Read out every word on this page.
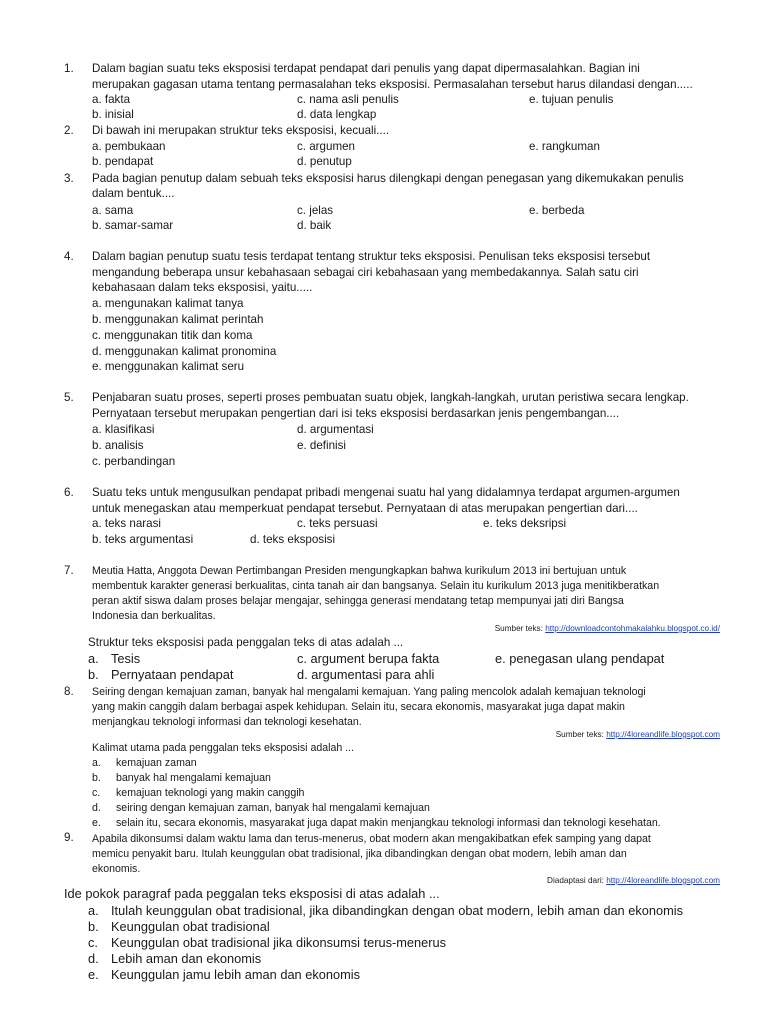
1. Dalam bagian suatu teks eksposisi terdapat pendapat dari penulis yang dapat dipermasalahkan. Bagian ini
merupakan gagasan utama tentang permasalahan teks eksposisi. Permasalahan tersebut harus dilandasi dengan.....
a. fakta
b. inisial
c. nama asli penulis
d. data lengkap
e. tujuan penulis
2. Di bawah ini merupakan struktur teks eksposisi, kecuali....
a. pembukaan
b. pendapat
c. argumen
d. penutup
e. rangkuman
3. Pada bagian penutup dalam sebuah teks eksposisi harus dilengkapi dengan penegasan yang dikemukakan penulis
dalam bentuk....
a. sama
b. samar-samar
c. jelas
d. baik
e. berbeda
4. Dalam bagian penutup suatu tesis terdapat tentang struktur teks eksposisi. Penulisan teks eksposisi tersebut
mengandung beberapa unsur kebahasaan sebagai ciri kebahasaan yang membedakannya. Salah satu ciri
kebahasaan dalam teks eksposisi, yaitu.....
a. mengunakan kalimat tanya
b. menggunakan kalimat perintah
c. menggunakan titik dan koma
d. menggunakan kalimat pronomina
e. menggunakan kalimat seru
5. Penjabaran suatu proses, seperti proses pembuatan suatu objek, langkah-langkah, urutan peristiwa secara lengkap.
Pernyataan tersebut merupakan pengertian dari isi teks eksposisi berdasarkan jenis pengembangan....
a. klasifikasi
b. analisis
c. perbandingan
d. argumentasi
e. definisi
6. Suatu teks untuk mengusulkan pendapat pribadi mengenai suatu hal yang didalamnya terdapat argumen-argumen
untuk menegaskan atau memperkuat pendapat tersebut. Pernyataan di atas merupakan pengertian dari....
a. teks narasi
b. teks argumentasi
c. teks persuasi
d. teks eksposisi
e. teks deksripsi
7. Meutia Hatta, Anggota Dewan Pertimbangan Presiden mengungkapkan bahwa kurikulum 2013 ini bertujuan untuk
membentuk karakter generasi berkualitas, cinta tanah air dan bangsanya. Selain itu kurikulum 2013 juga menitikberatkan
peran aktif siswa dalam proses belajar mengajar, sehingga generasi mendatang tetap mempunyai jati diri Bangsa
Indonesia dan berkualitas.
Sumber teks: http://downloadcontohmakalahku.blogspot.co.id/
Struktur teks eksposisi pada penggalan teks di atas adalah ...
a. Tesis
b. Pernyataan pendapat
c. argument berupa fakta
d. argumentasi para ahli
e. penegasan ulang pendapat
8. Seiring dengan kemajuan zaman, banyak hal mengalami kemajuan. Yang paling mencolok adalah kemajuan teknologi
yang makin canggih dalam berbagai aspek kehidupan. Selain itu, secara ekonomis, masyarakat juga dapat makin
menjangkau teknologi informasi dan teknologi kesehatan.
Sumber teks: http://4loreandlife.blogspot.com
Kalimat utama pada penggalan teks eksposisi adalah ...
a. kemajuan zaman
b. banyak hal mengalami kemajuan
c. kemajuan teknologi yang makin canggih
d. seiring dengan kemajuan zaman, banyak hal mengalami kemajuan
e. selain itu, secara ekonomis, masyarakat juga dapat makin menjangkau teknologi informasi dan teknologi kesehatan.
9. Apabila dikonsumsi dalam waktu lama dan terus-menerus, obat modern akan mengakibatkan efek samping yang dapat
memicu penyakit baru. Itulah keunggulan obat tradisional, jika dibandingkan dengan obat modern, lebih aman dan
ekonomis.
Diadaptasi dari: http://4loreandlife.blogspot.com
Ide pokok paragraf pada peggalan teks eksposisi di atas adalah ...
a. Itulah keunggulan obat tradisional, jika dibandingkan dengan obat modern, lebih aman dan ekonomis
b. Keunggulan obat tradisional
c. Keunggulan obat tradisional jika dikonsumsi terus-menerus
d. Lebih aman dan ekonomis
e. Keunggulan jamu lebih aman dan ekonomis
